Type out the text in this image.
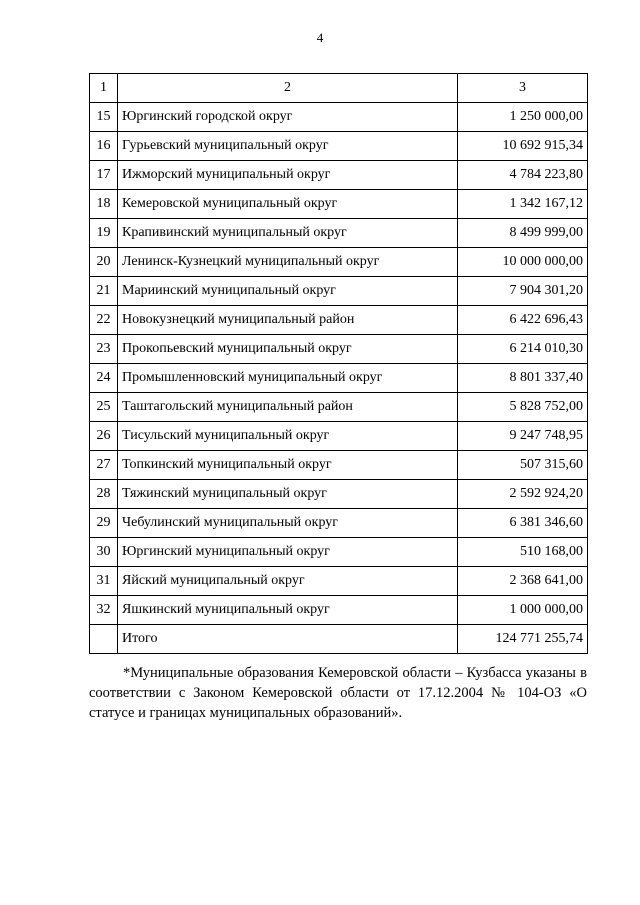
4
1	2	3
15	Юргинский городской округ	1 250 000,00
16	Гурьевский муниципальный округ	10 692 915,34
17	Ижморский муниципальный округ	4 784 223,80
18	Кемеровской муниципальный округ	1 342 167,12
19	Крапивинский муниципальный округ	8 499 999,00
20	Ленинск-Кузнецкий муниципальный округ	10 000 000,00
21	Мариинский муниципальный округ	7 904 301,20
22	Новокузнецкий муниципальный район	6 422 696,43
23	Прокопьевский муниципальный округ	6 214 010,30
24	Промышленновский муниципальный округ	8 801 337,40
25	Таштагольский муниципальный район	5 828 752,00
26	Тисульский муниципальный округ	9 247 748,95
27	Топкинский муниципальный округ	507 315,60
28	Тяжинский муниципальный округ	2 592 924,20
29	Чебулинский муниципальный округ	6 381 346,60
30	Юргинский муниципальный округ	510 168,00
31	Яйский муниципальный округ	2 368 641,00
32	Яшкинский муниципальный округ	1 000 000,00
	Итого	124 771 255,74

*Муниципальные образования Кемеровской области – Кузбасса указаны в соответствии с Законом Кемеровской области от 17.12.2004 № 104-ОЗ «О статусе и границах муниципальных образований».
